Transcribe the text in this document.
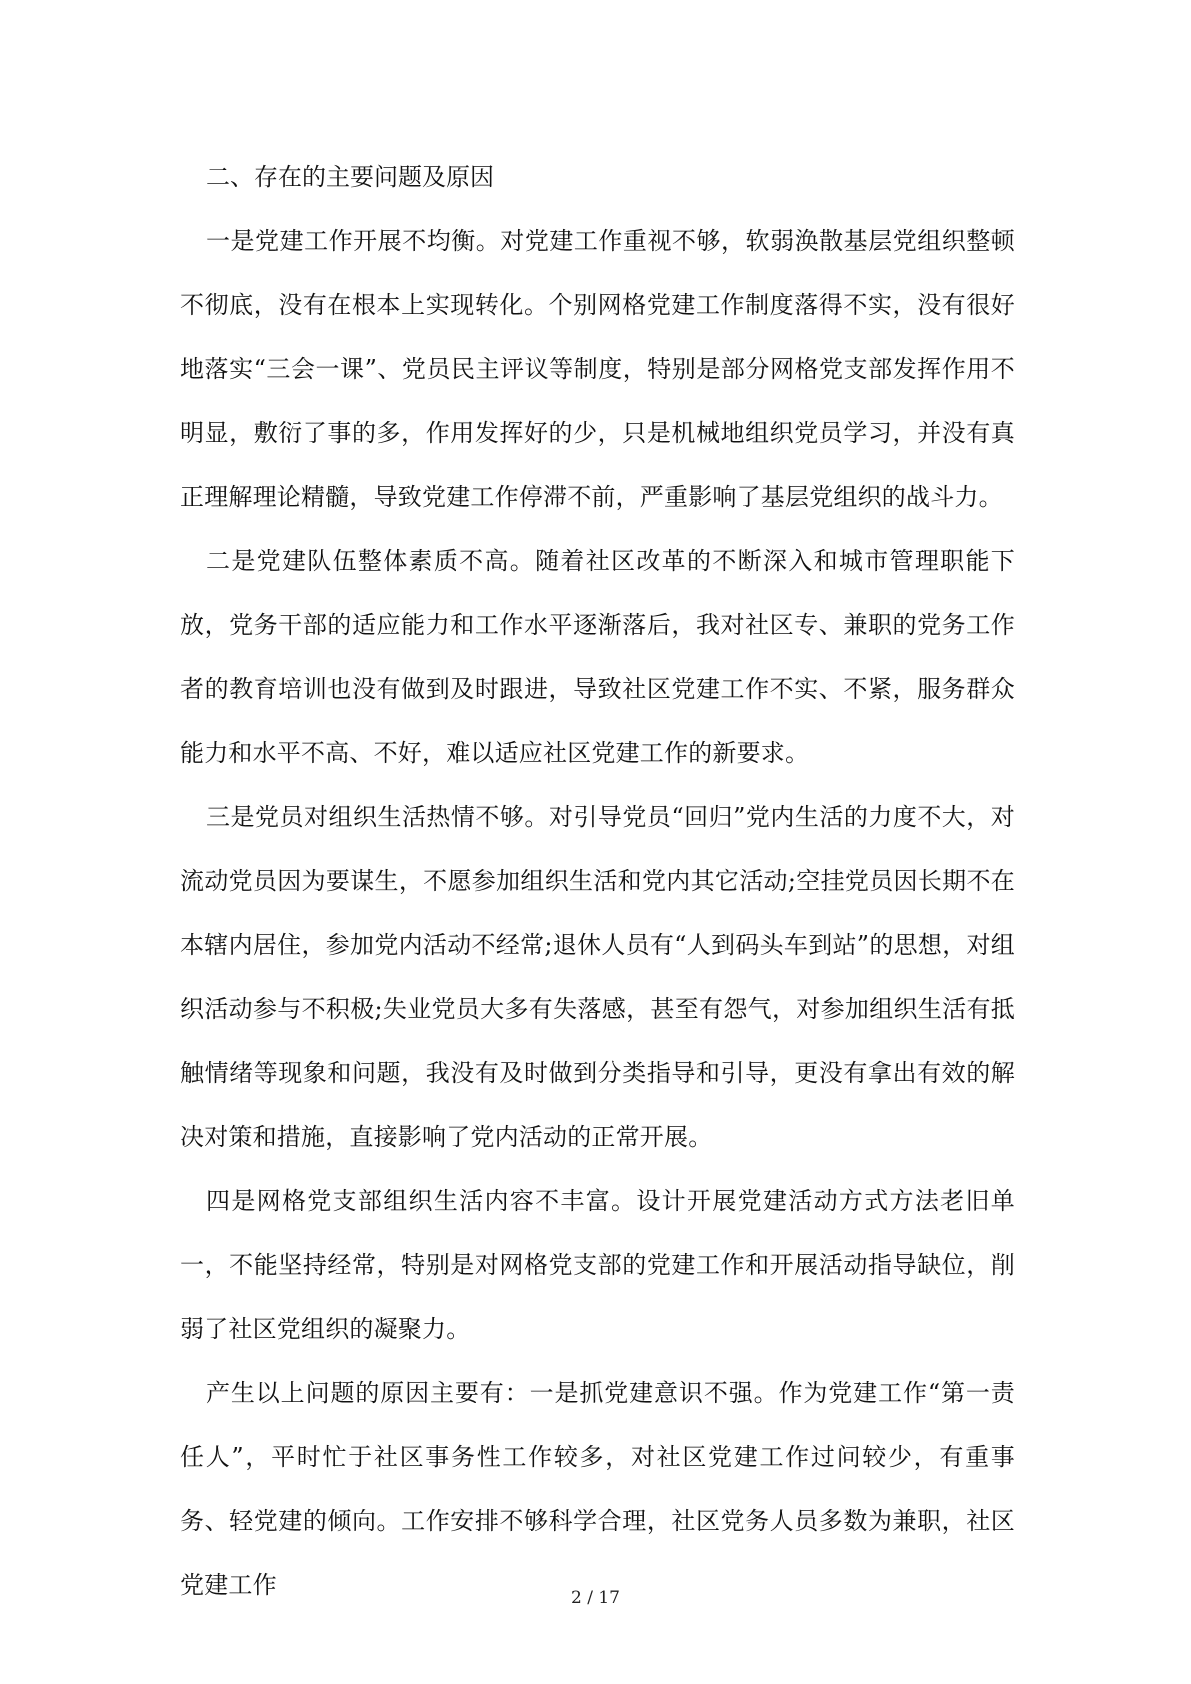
二、存在的主要问题及原因

一是党建工作开展不均衡。对党建工作重视不够，软弱涣散基层党组织整顿不彻底，没有在根本上实现转化。个别网格党建工作制度落得不实，没有很好地落实“三会一课”、党员民主评议等制度，特别是部分网格党支部发挥作用不明显，敷衍了事的多，作用发挥好的少，只是机械地组织党员学习，并没有真正理解理论精髓，导致党建工作停滞不前，严重影响了基层党组织的战斗力。

二是党建队伍整体素质不高。随着社区改革的不断深入和城市管理职能下放，党务干部的适应能力和工作水平逐渐落后，我对社区专、兼职的党务工作者的教育培训也没有做到及时跟进，导致社区党建工作不实、不紧，服务群众能力和水平不高、不好，难以适应社区党建工作的新要求。

三是党员对组织生活热情不够。对引导党员“回归”党内生活的力度不大，对流动党员因为要谋生，不愿参加组织生活和党内其它活动;空挂党员因长期不在本辖内居住，参加党内活动不经常;退休人员有“人到码头车到站”的思想，对组织活动参与不积极;失业党员大多有失落感，甚至有怨气，对参加组织生活有抵触情绪等现象和问题，我没有及时做到分类指导和引导，更没有拿出有效的解决对策和措施，直接影响了党内活动的正常开展。

四是网格党支部组织生活内容不丰富。设计开展党建活动方式方法老旧单一，不能坚持经常，特别是对网格党支部的党建工作和开展活动指导缺位，削弱了社区党组织的凝聚力。

产生以上问题的原因主要有：一是抓党建意识不强。作为党建工作“第一责任人”，平时忙于社区事务性工作较多，对社区党建工作过问较少，有重事务、轻党建的倾向。工作安排不够科学合理，社区党务人员多数为兼职，社区党建工作	2 / 17
